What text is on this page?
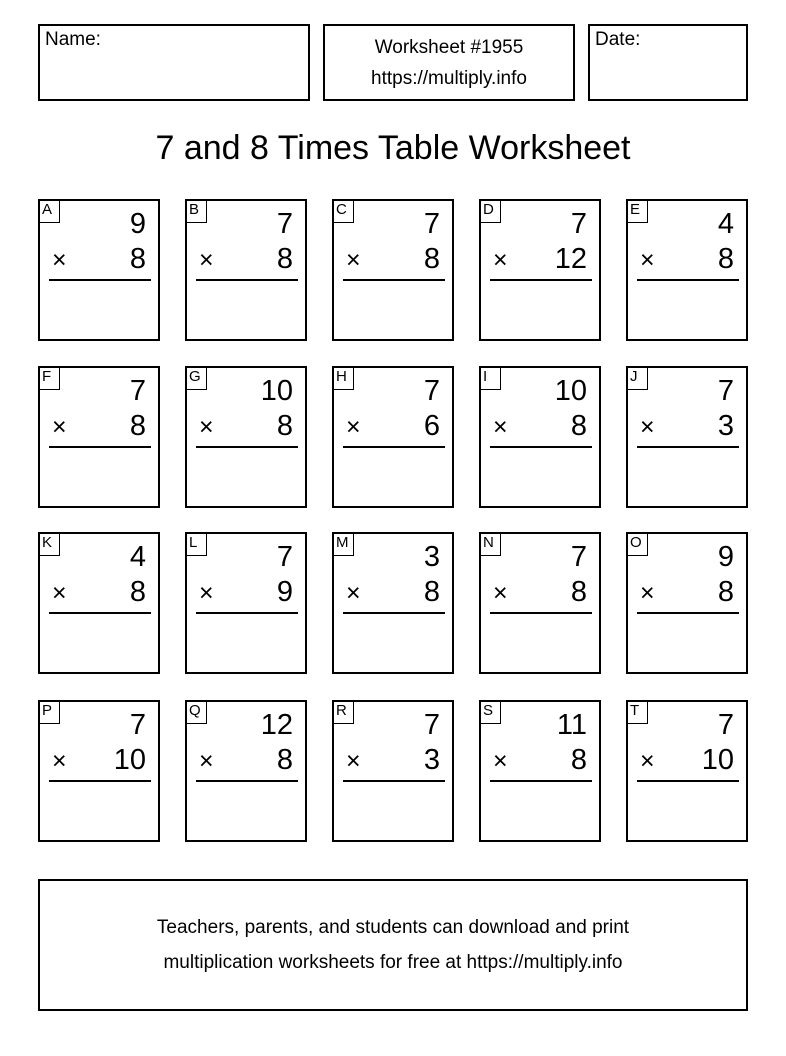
Name:	Worksheet #1955
https://multiply.info
Date:
7 and 8 Times Table Worksheet
A	9
× 8
B	7
× 8
C	7
× 8
D	7
× 12
E	4
× 8
F	7
× 8
G 10
× 8
H	7
× 6
I	10
× 8
J	7
× 3
K	4
× 8
L	7
× 9
M	3
× 8
N	7
× 8
O	9
× 8
P	7
× 10
Q 12
× 8
R	7
× 3
S 11
× 8
T	7
× 10
Teachers, parents, and students can download and print
multiplication worksheets for free at https://multiply.info
